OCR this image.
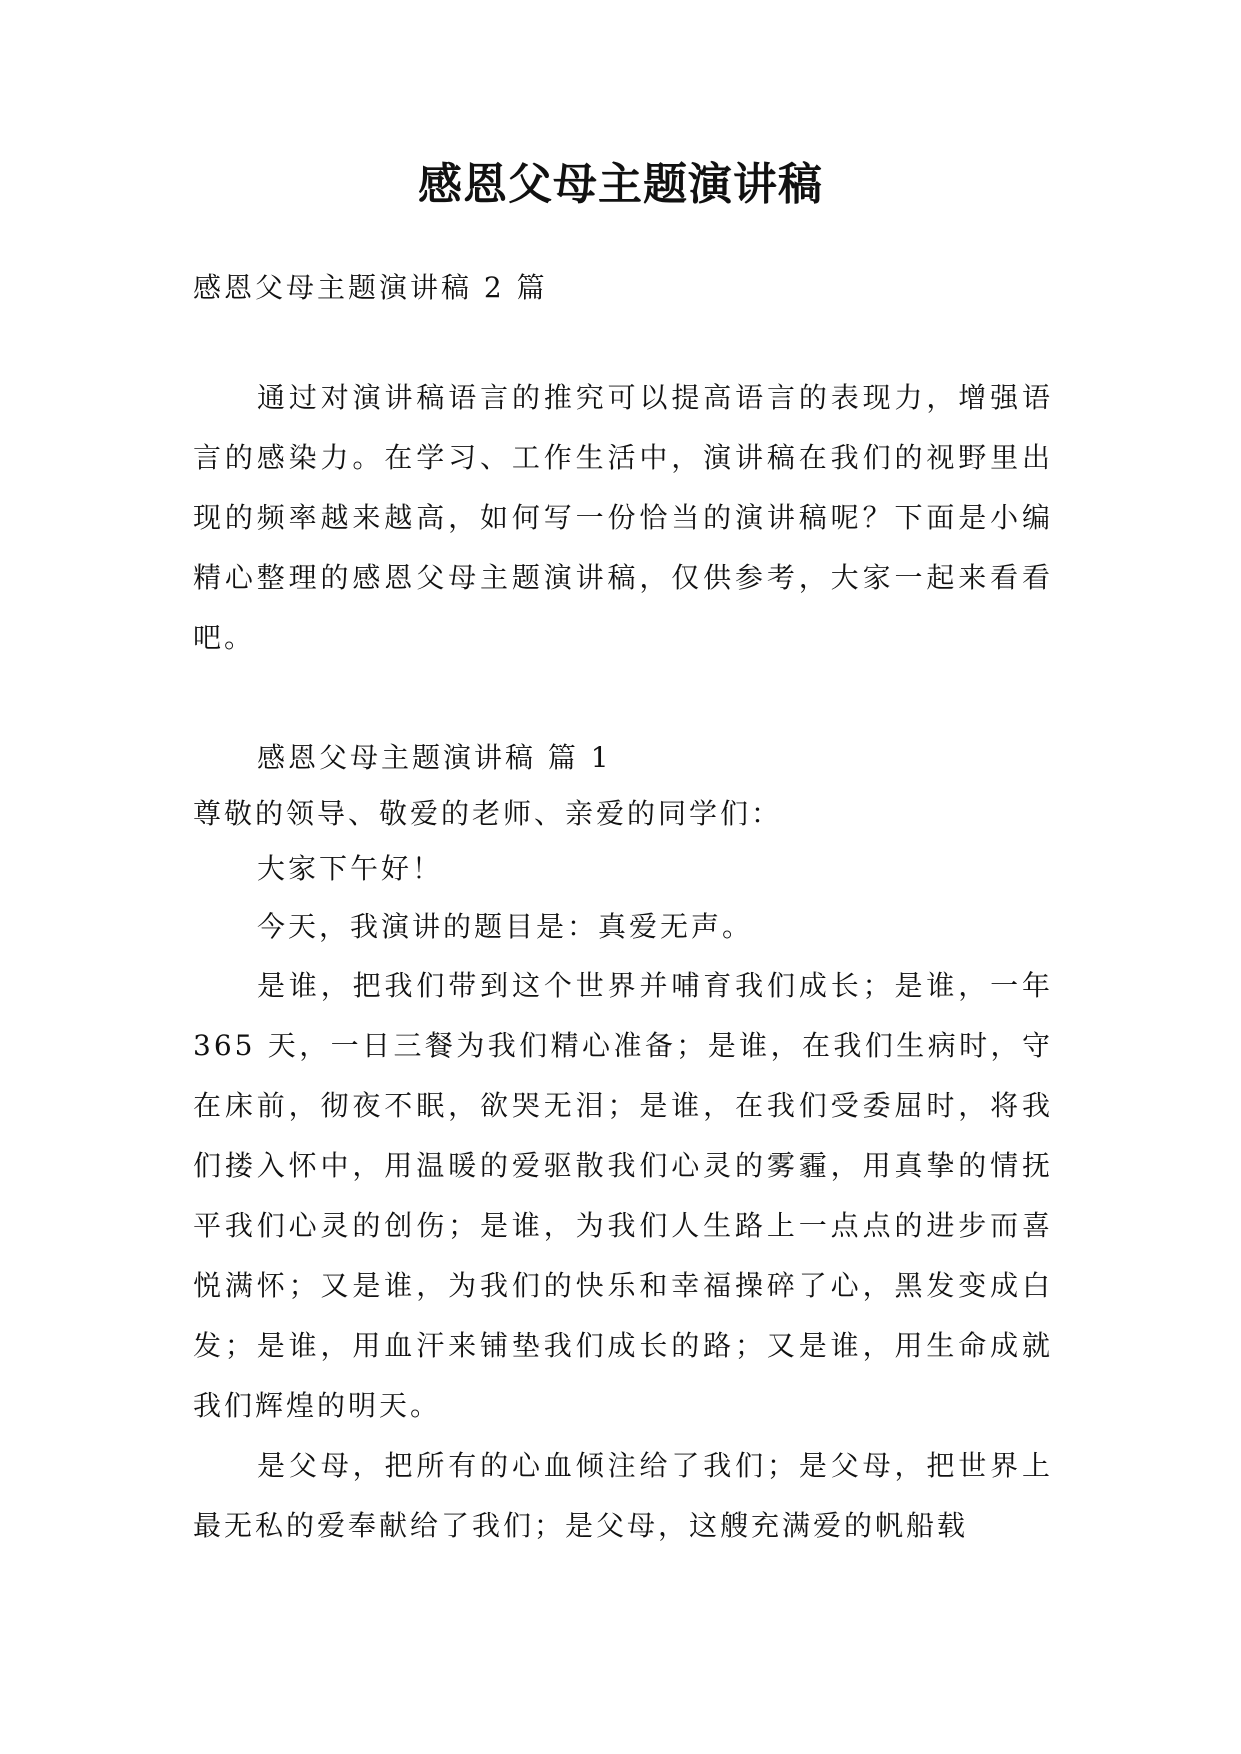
感恩父母主题演讲稿

感恩父母主题演讲稿 2 篇

通过对演讲稿语言的推究可以提高语言的表现力，增强语言的感染力。在学习、工作生活中，演讲稿在我们的视野里出现的频率越来越高，如何写一份恰当的演讲稿呢？下面是小编精心整理的感恩父母主题演讲稿，仅供参考，大家一起来看看吧。

感恩父母主题演讲稿 篇 1

尊敬的领导、敬爱的老师、亲爱的同学们：

大家下午好！

今天，我演讲的题目是：真爱无声。

是谁，把我们带到这个世界并哺育我们成长；是谁，一年 365 天，一日三餐为我们精心准备；是谁，在我们生病时，守在床前，彻夜不眠，欲哭无泪；是谁，在我们受委屈时，将我们搂入怀中，用温暖的爱驱散我们心灵的雾霾，用真挚的情抚平我们心灵的创伤；是谁，为我们人生路上一点点的进步而喜悦满怀；又是谁，为我们的快乐和幸福操碎了心，黑发变成白发；是谁，用血汗来铺垫我们成长的路；又是谁，用生命成就我们辉煌的明天。

是父母，把所有的心血倾注给了我们；是父母，把世界上最无私的爱奉献给了我们；是父母，这艘充满爱的帆船载
